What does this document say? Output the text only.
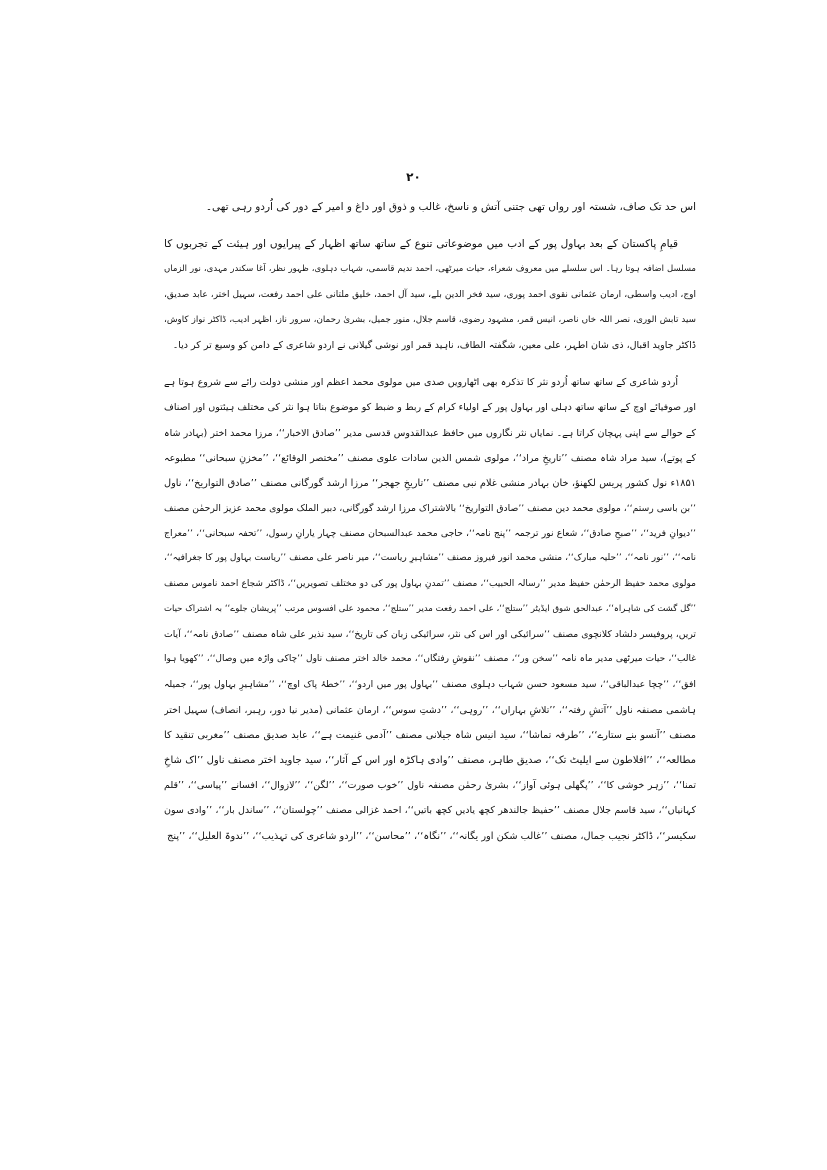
۲۰
اس حد تک صاف، شستہ اور رواں تھی جتنی آتش و ناسخ، غالب و ذوق اور داغ و امیر کے دور کی اُردو رہی تھی۔
قیامِ پاکستان کے بعد بہاول پور کے ادب میں موضوعاتی تنوع کے ساتھ ساتھ اظہار کے پیرایوں اور ہیئت کے تجربوں کا
مسلسل اضافہ ہوتا رہا۔ اس سلسلے میں معروف شعراء، حیات میرٹھی، احمد ندیم قاسمی، شہاب دہلوی، ظہور نظر، آغا سکندر مہدی، نور الزماں
اوج، ادیب واسطی، ارمان عثمانی نقوی احمد پوری، سید فخر الدین بلے، سید آل احمد، خلیق ملتانی علی احمد رفعت، سہیل اختر، عابد صدیق،
سید تابش الوری، نصر اللہ خاں ناصر، انیس قمر، مشہود رضوی، قاسم جلال، منور جمیل، بشریٰ رحمان، سرور ناز، اظہر ادیب، ڈاکٹر نواز کاوش،
ڈاکٹر جاوید اقبال، ذی شان اطہر، علی معین، شگفتہ الطاف، ناہید قمر اور نوشی گیلانی نے اردو شاعری کے دامن کو وسیع تر کر دیا۔
اُردو شاعری کے ساتھ ساتھ اُردو نثر کا تذکرہ بھی اٹھارویں صدی میں مولوی محمد اعظم اور منشی دولت رائے سے شروع ہوتا ہے
اور صوفیائے اوچ کے ساتھ ساتھ دہلی اور بہاول پور کے اولیاء کرام کے ربط و ضبط کو موضوع بناتا ہوا نثر کی مختلف ہیئتوں اور اصناف
کے حوالے سے اپنی پہچان کراتا ہے۔ نمایاں نثر نگاروں میں حافظ عبدالقدوس قدسی مدیر ’’صادق الاخبار‘‘، مرزا محمد اختر (بہادر شاہ
کے پوتے)، سید مراد شاہ مصنف ’’تاریخِ مراد‘‘، مولوی شمس الدین سادات علوی مصنف ’’مختصر الوقائع‘‘، ’’مخزنِ سبحانی‘‘ مطبوعہ
۱۸۵۱ء نول کشور پریس لکھنؤ، خان بہادر منشی غلام نبی مصنف ’’تاریخِ جھجر‘‘ مرزا ارشد گورگانی مصنف ’’صادق التواریخ‘‘، ناول
’’بن باسی رستم‘‘، مولوی محمد دین مصنف ’’صادق التواریخ‘‘ بالاشتراک مرزا ارشد گورگانی، دبیر الملک مولوی محمد عزیز الرحمٰن مصنف
’’دیوانِ فرید‘‘، ’’صبحِ صادق‘‘، شعاع نور ترجمہ ’’پنج نامہ‘‘، حاجی محمد عبدالسبحان مصنف چہار یارانِ رسول، ’’تحفہ سبحانی‘‘، ’’معراج
نامہ‘‘، ’’نور نامہ‘‘، ’’حلیہ مبارک‘‘، منشی محمد انور فیروز مصنف ’’مشاہیرِ ریاست‘‘، میر ناصر علی مصنف ’’ریاست بہاول پور کا جغرافیہ‘‘،
مولوی محمد حفیظ الرحمٰن حفیظ مدیر ’’رسالہ الحبیب‘‘، مصنف ’’تمدنِ بہاول پور کی دو مختلف تصویریں‘‘، ڈاکٹر شجاع احمد ناموس مصنف
’’گل گشت کی شاہراہ‘‘، عبدالحق شوق ایڈیٹر ’’ستلج‘‘، علی احمد رفعت مدیر ’’ستلج‘‘، محمود علی افسوس مرتب ’’پریشان جلوے‘‘ بہ اشتراک حیات
تریں، پروفیسر دلشاد کلانچوی مصنف ’’سرائیکی اور اس کی نثر، سرائیکی زبان کی تاریخ‘‘، سید نذیر علی شاہ مصنف ’’صادق نامہ‘‘، آیات
غالب‘‘، حیات میرٹھی مدیر ماہ نامہ ’’سخن ور‘‘، مصنف ’’نقوشِ رفتگاں‘‘، محمد خالد اختر مصنف ناول ’’چاکی واڑہ میں وصال‘‘، ’’کھویا ہوا
افق‘‘، ’’چچا عبدالباقی‘‘، سید مسعود حسن شہاب دہلوی مصنف ’’بہاول پور میں اردو‘‘، ’’خطۂ پاک اوچ‘‘، ’’مشاہیرِ بہاول پور‘‘، جمیلہ
ہاشمی مصنفہ ناول ’’آتشِ رفتہ‘‘، ’’تلاشِ بہاراں‘‘، ’’روہی‘‘، ’’دشتِ سوس‘‘، ارمان عثمانی (مدیر نیا دور، رہبر، انصاف) سہیل اختر
مصنف ’’آنسو بنے ستارے‘‘، ’’طرفہ تماشا‘‘، سید انیس شاہ جیلانی مصنف ’’آدمی غنیمت ہے‘‘، عابد صدیق مصنف ’’مغربی تنقید کا
مطالعہ‘‘، ’’افلاطون سے ایلیٹ تک‘‘، صدیق طاہر، مصنف ’’وادی ہاکڑہ اور اس کے آثار‘‘، سید جاوید اختر مصنف ناول ’’اک شاخِ
تمنا‘‘، ’’زہر خوشی کا‘‘، ’’پگھلی ہوئی آواز‘‘، بشریٰ رحمٰن مصنفہ ناول ’’خوب صورت‘‘، ’’لگن‘‘، ’’لازوال‘‘، افسانے ’’پیاسی‘‘، ’’قلم
کہانیاں‘‘، سید قاسم جلال مصنف ’’حفیظ جالندھر کچھ یادیں کچھ باتیں‘‘، احمد غزالی مصنف ’’چولستان‘‘، ’’ساندل بار‘‘، ’’وادی سون
سکیسر‘‘، ڈاکٹر نجیب جمال، مصنف ’’غالب شکن اور یگانہ‘‘، ’’نگاہ‘‘، ’’محاسن‘‘، ’’اردو شاعری کی تہذیب‘‘، ’’ندوۃ العلیل‘‘، ’’پنج
